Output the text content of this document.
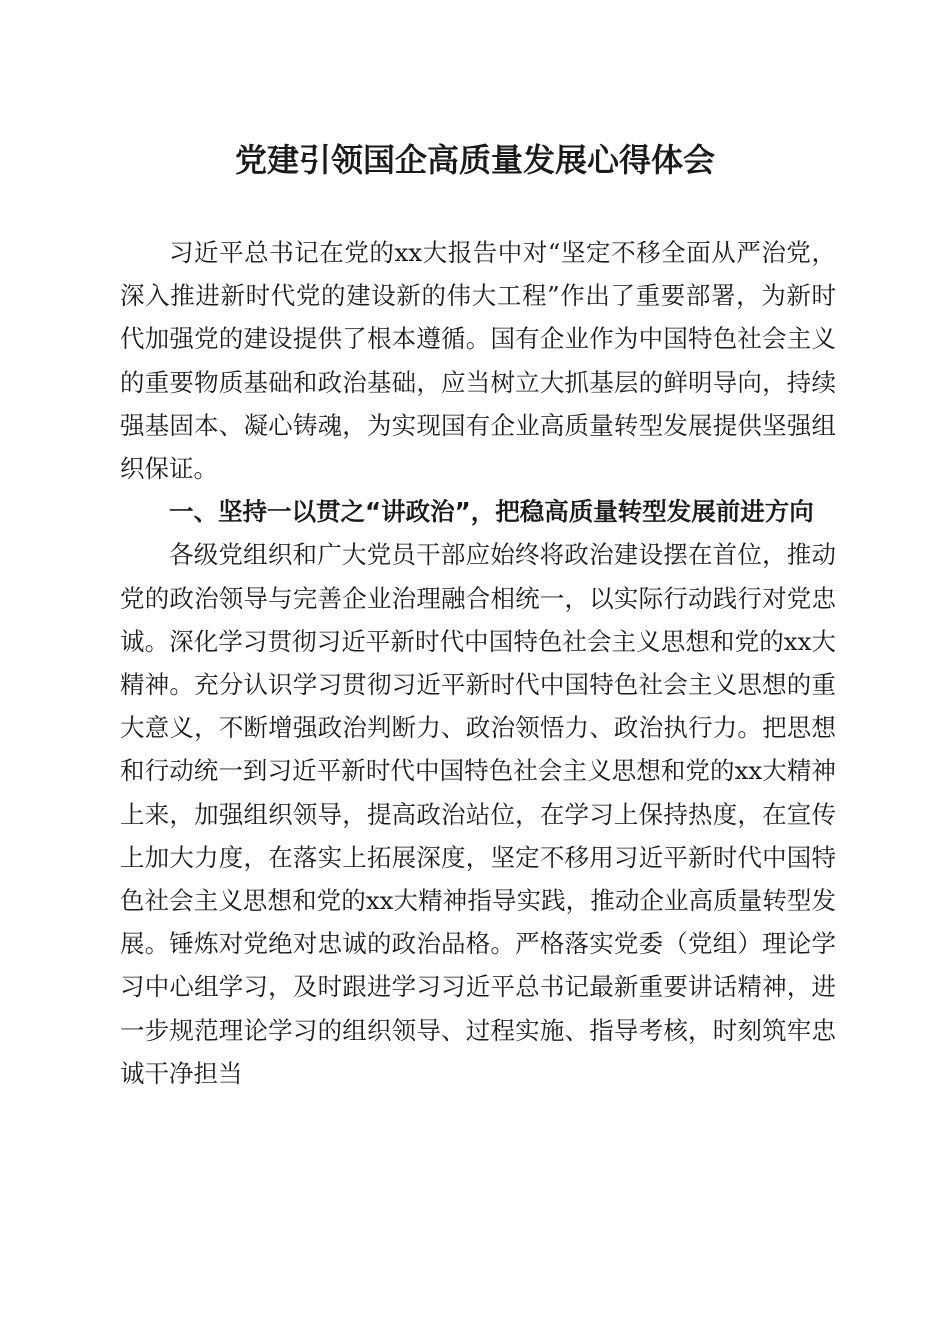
党建引领国企高质量发展心得体会

习近平总书记在党的xx大报告中对“坚定不移全面从严治党，深入推进新时代党的建设新的伟大工程”作出了重要部署，为新时代加强党的建设提供了根本遵循。国有企业作为中国特色社会主义的重要物质基础和政治基础，应当树立大抓基层的鲜明导向，持续强基固本、凝心铸魂，为实现国有企业高质量转型发展提供坚强组织保证。

一、坚持一以贯之“讲政治”，把稳高质量转型发展前进方向

各级党组织和广大党员干部应始终将政治建设摆在首位，推动党的政治领导与完善企业治理融合相统一，以实际行动践行对党忠诚。深化学习贯彻习近平新时代中国特色社会主义思想和党的xx大精神。充分认识学习贯彻习近平新时代中国特色社会主义思想的重大意义，不断增强政治判断力、政治领悟力、政治执行力。把思想和行动统一到习近平新时代中国特色社会主义思想和党的xx大精神上来，加强组织领导，提高政治站位，在学习上保持热度，在宣传上加大力度，在落实上拓展深度，坚定不移用习近平新时代中国特色社会主义思想和党的xx大精神指导实践，推动企业高质量转型发展。锤炼对党绝对忠诚的政治品格。严格落实党委（党组）理论学习中心组学习，及时跟进学习习近平总书记最新重要讲话精神，进一步规范理论学习的组织领导、过程实施、指导考核，时刻筑牢忠诚干净担当
